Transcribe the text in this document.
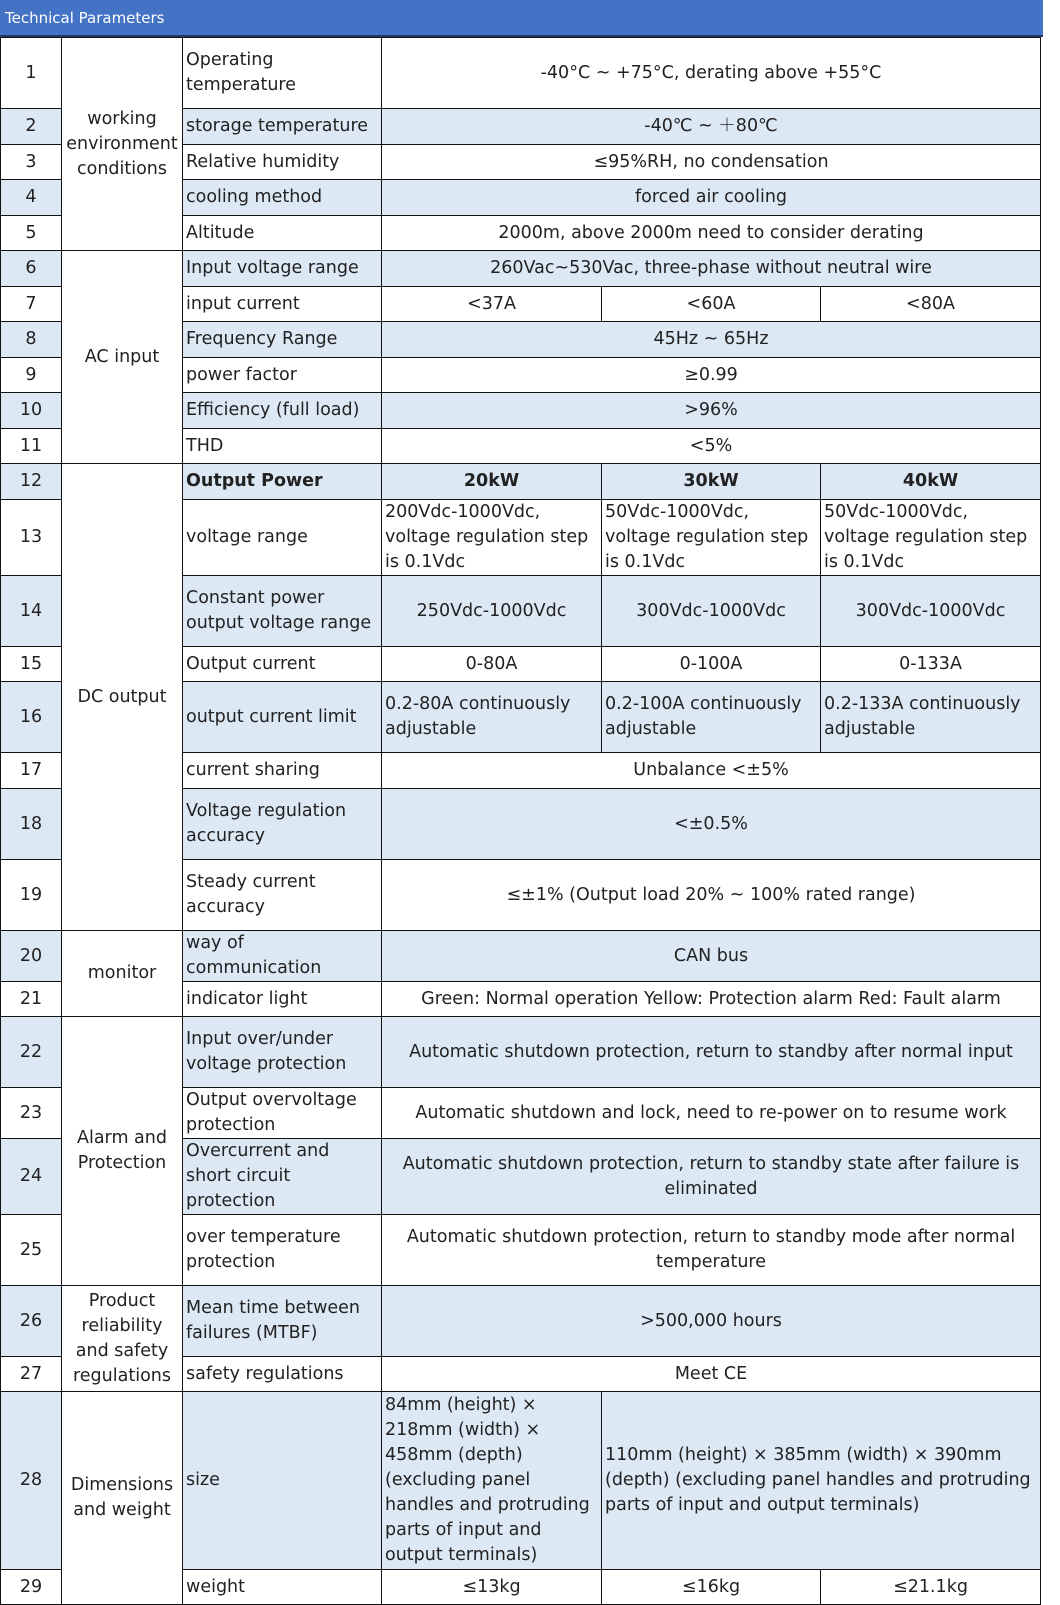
Technical Parameters
1	working environment conditions	Operating temperature	-40°C ~ +75°C, derating above +55°C		
2		storage temperature	-40℃ ~ ＋80℃		
3		Relative humidity	≤95%RH, no condensation		
4		cooling method	forced air cooling		
5		Altitude	2000m, above 2000m need to consider derating		
6	AC input	Input voltage range	260Vac~530Vac, three-phase without neutral wire		
7		input current	<37A	<60A	<80A
8		Frequency Range	45Hz ~ 65Hz		
9		power factor	≥0.99		
10		Efficiency (full load)	>96%		
11		THD	<5%		
12	DC output	Output Power	20kW	30kW	40kW
13		voltage range	200Vdc-1000Vdc, voltage regulation step is 0.1Vdc	50Vdc-1000Vdc, voltage regulation step is 0.1Vdc	50Vdc-1000Vdc, voltage regulation step is 0.1Vdc
14		Constant power output voltage range	250Vdc-1000Vdc	300Vdc-1000Vdc	300Vdc-1000Vdc
15		Output current	0-80A	0-100A	0-133A
16		output current limit	0.2-80A continuously adjustable	0.2-100A continuously adjustable	0.2-133A continuously adjustable
17		current sharing	Unbalance <±5%		
18		Voltage regulation accuracy	<±0.5%		
19		Steady current accuracy	≤±1% (Output load 20% ~ 100% rated range)		
20	monitor	way of communication	CAN bus		
21		indicator light	Green: Normal operation Yellow: Protection alarm Red: Fault alarm		
22	Alarm and Protection	Input over/under voltage protection	Automatic shutdown protection, return to standby after normal input		
23		Output overvoltage protection	Automatic shutdown and lock, need to re-power on to resume work		
24		Overcurrent and short circuit protection	Automatic shutdown protection, return to standby state after failure is eliminated		
25		over temperature protection	Automatic shutdown protection, return to standby mode after normal temperature		
26	Product reliability and safety regulations	Mean time between failures (MTBF)	>500,000 hours		
27		safety regulations	Meet CE		
28	Dimensions and weight	size	84mm (height) × 218mm (width) × 458mm (depth) (excluding panel handles and protruding parts of input and output terminals)	110mm (height) × 385mm (width) × 390mm (depth) (excluding panel handles and protruding parts of input and output terminals)	
29		weight	≤13kg	≤16kg	≤21.1kg
